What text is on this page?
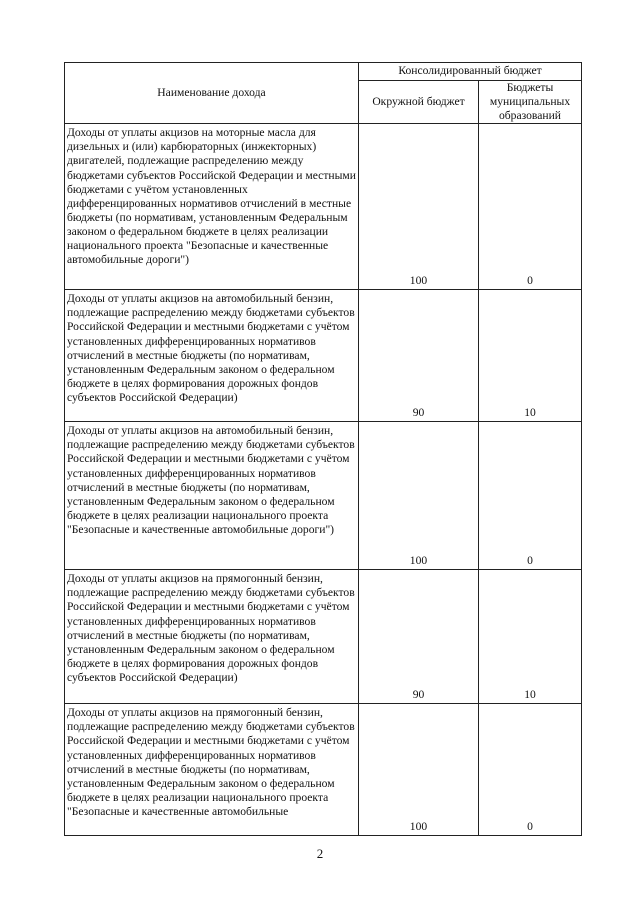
Наименование дохода	Консолидированный бюджет	
	Окружной бюджет	Бюджеты муниципальных образований
Доходы от уплаты акцизов на моторные масла для дизельных и (или) карбюраторных (инжекторных) двигателей, подлежащие распределению между бюджетами субъектов Российской Федерации и местными бюджетами с учётом установленных дифференцированных нормативов отчислений в местные бюджеты (по нормативам, установленным Федеральным законом о федеральном бюджете в целях реализации национального проекта "Безопасные и качественные автомобильные дороги")	100	0
Доходы от уплаты акцизов на автомобильный бензин, подлежащие распределению между бюджетами субъектов Российской Федерации и местными бюджетами с учётом установленных дифференцированных нормативов отчислений в местные бюджеты (по нормативам, установленным Федеральным законом о федеральном бюджете в целях формирования дорожных фондов субъектов Российской Федерации)	90	10
Доходы от уплаты акцизов на автомобильный бензин, подлежащие распределению между бюджетами субъектов Российской Федерации и местными бюджетами с учётом установленных дифференцированных нормативов отчислений в местные бюджеты (по нормативам, установленным Федеральным законом о федеральном бюджете в целях реализации национального проекта "Безопасные и качественные автомобильные дороги")	100	0
Доходы от уплаты акцизов на прямогонный бензин, подлежащие распределению между бюджетами субъектов Российской Федерации и местными бюджетами с учётом установленных дифференцированных нормативов отчислений в местные бюджеты (по нормативам, установленным Федеральным законом о федеральном бюджете в целях формирования дорожных фондов субъектов Российской Федерации)	90	10
Доходы от уплаты акцизов на прямогонный бензин, подлежащие распределению между бюджетами субъектов Российской Федерации и местными бюджетами с учётом установленных дифференцированных нормативов отчислений в местные бюджеты (по нормативам, установленным Федеральным законом о федеральном бюджете в целях реализации национального проекта "Безопасные и качественные автомобильные	100	0
2
